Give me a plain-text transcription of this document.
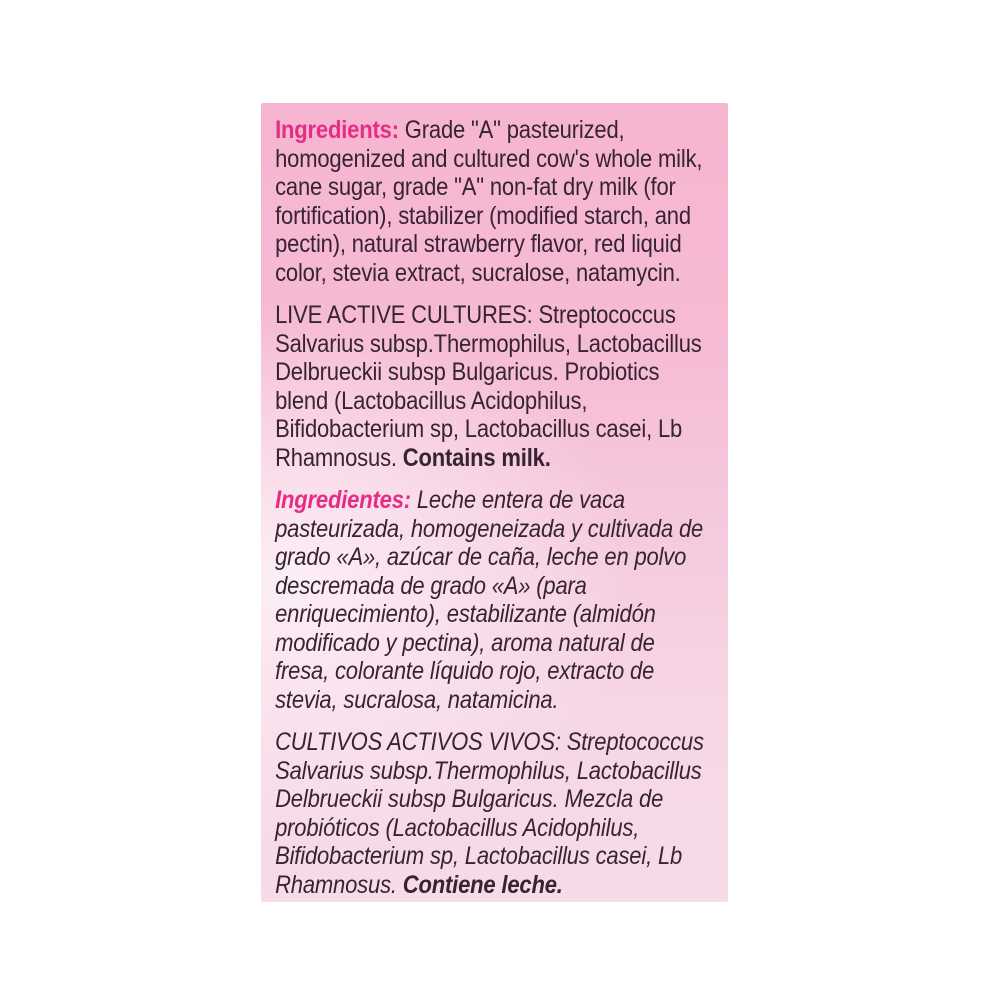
Ingredients: Grade "A" pasteurized,
homogenized and cultured cow's whole milk,
cane sugar, grade "A" non-fat dry milk (for
fortification), stabilizer (modified starch, and
pectin), natural strawberry flavor, red liquid
color, stevia extract, sucralose, natamycin.
LIVE ACTIVE CULTURES: Streptococcus
Salvarius subsp.Thermophilus, Lactobacillus
Delbrueckii subsp Bulgaricus. Probiotics
blend (Lactobacillus Acidophilus,
Bifidobacterium sp, Lactobacillus casei, Lb
Rhamnosus. Contains milk.
Ingredientes: Leche entera de vaca
pasteurizada, homogeneizada y cultivada de
grado «A», azúcar de caña, leche en polvo
descremada de grado «A» (para
enriquecimiento), estabilizante (almidón
modificado y pectina), aroma natural de
fresa, colorante líquido rojo, extracto de
stevia, sucralosa, natamicina.
CULTIVOS ACTIVOS VIVOS: Streptococcus
Salvarius subsp.Thermophilus, Lactobacillus
Delbrueckii subsp Bulgaricus. Mezcla de
probióticos (Lactobacillus Acidophilus,
Bifidobacterium sp, Lactobacillus casei, Lb
Rhamnosus. Contiene leche.
